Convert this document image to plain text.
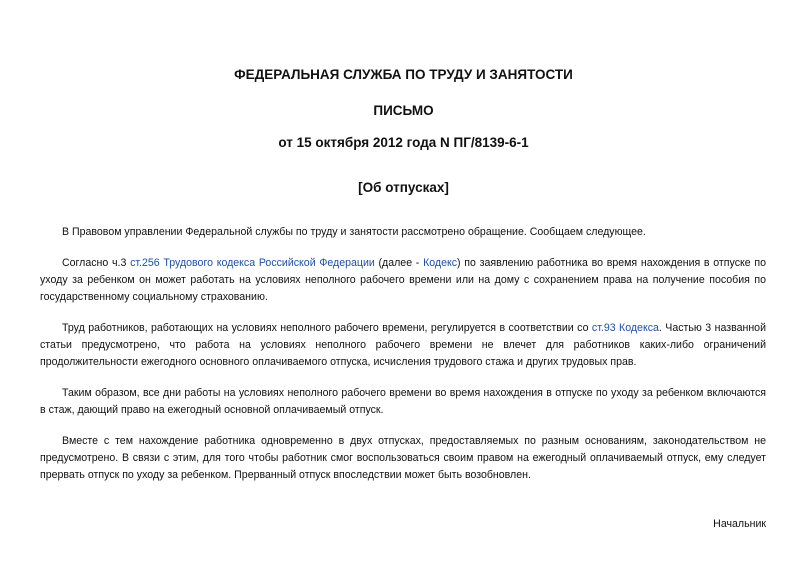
ФЕДЕРАЛЬНАЯ СЛУЖБА ПО ТРУДУ И ЗАНЯТОСТИ

ПИСЬМО

от 15 октября 2012 года N ПГ/8139-6-1

[Об отпусках]

В Правовом управлении Федеральной службы по труду и занятости рассмотрено обращение. Сообщаем следующее.

Согласно ч.3 ст.256 Трудового кодекса Российской Федерации (далее - Кодекс) по заявлению работника во время нахождения в отпуске по уходу за ребенком он может работать на условиях неполного рабочего времени или на дому с сохранением права на получение пособия по государственному социальному страхованию.

Труд работников, работающих на условиях неполного рабочего времени, регулируется в соответствии со ст.93 Кодекса. Частью 3 названной статьи предусмотрено, что работа на условиях неполного рабочего времени не влечет для работников каких-либо ограничений продолжительности ежегодного основного оплачиваемого отпуска, исчисления трудового стажа и других трудовых прав.

Таким образом, все дни работы на условиях неполного рабочего времени во время нахождения в отпуске по уходу за ребенком включаются в стаж, дающий право на ежегодный основной оплачиваемый отпуск.

Вместе с тем нахождение работника одновременно в двух отпусках, предоставляемых по разным основаниям, законодательством не предусмотрено. В связи с этим, для того чтобы работник смог воспользоваться своим правом на ежегодный оплачиваемый отпуск, ему следует прервать отпуск по уходу за ребенком. Прерванный отпуск впоследствии может быть возобновлен.

Начальник
